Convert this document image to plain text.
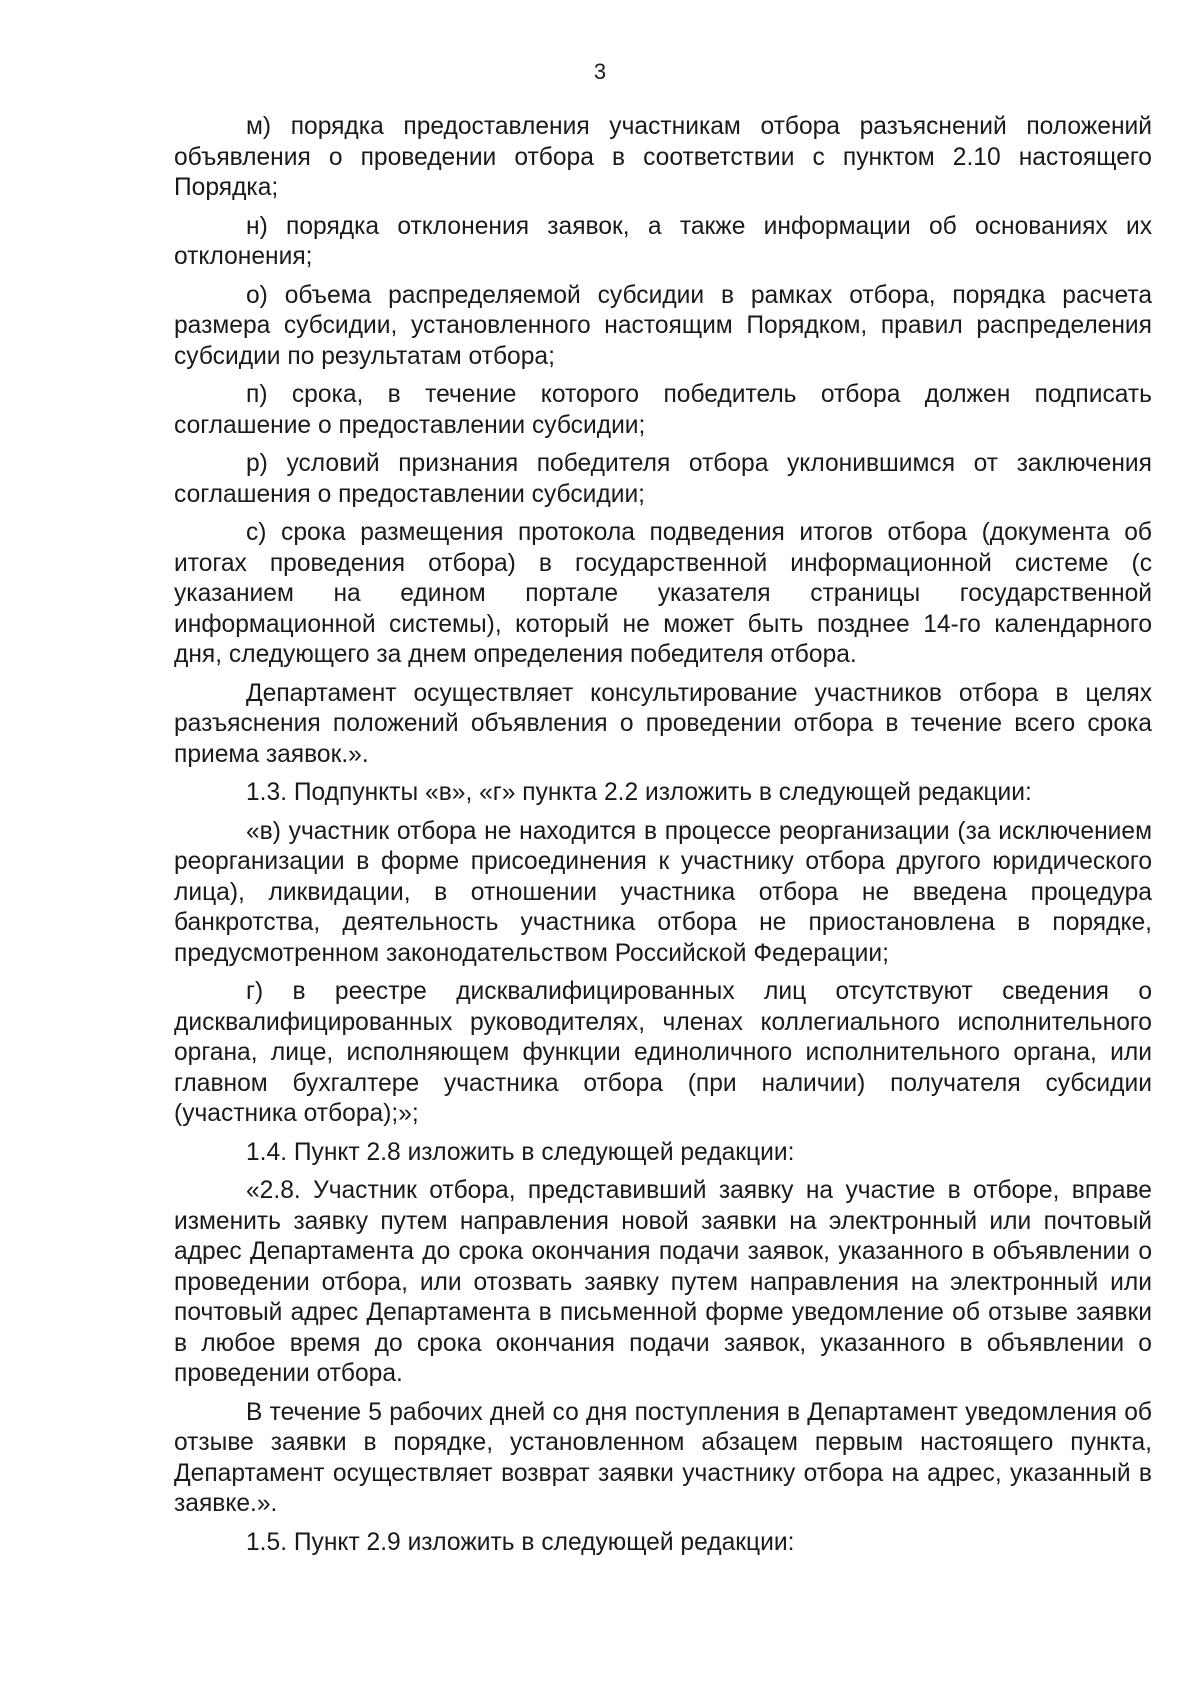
3

м) порядка предоставления участникам отбора разъяснений положений объявления о проведении отбора в соответствии с пунктом 2.10 настоящего Порядка;

н) порядка отклонения заявок, а также информации об основаниях их отклонения;

о) объема распределяемой субсидии в рамках отбора, порядка расчета размера субсидии, установленного настоящим Порядком, правил распределения субсидии по результатам отбора;

п) срока, в течение которого победитель отбора должен подписать соглашение о предоставлении субсидии;

р) условий признания победителя отбора уклонившимся от заключения соглашения о предоставлении субсидии;

с) срока размещения протокола подведения итогов отбора (документа об итогах проведения отбора) в государственной информационной системе (с указанием на едином портале указателя страницы государственной информационной системы), который не может быть позднее 14-го календарного дня, следующего за днем определения победителя отбора.

Департамент осуществляет консультирование участников отбора в целях разъяснения положений объявления о проведении отбора в течение всего срока приема заявок.».

1.3. Подпункты «в», «г» пункта 2.2 изложить в следующей редакции:

«в) участник отбора не находится в процессе реорганизации (за исключением реорганизации в форме присоединения к участнику отбора другого юридического лица), ликвидации, в отношении участника отбора не введена процедура банкротства, деятельность участника отбора не приостановлена в порядке, предусмотренном законодательством Российской Федерации;

г) в реестре дисквалифицированных лиц отсутствуют сведения о дисквалифицированных руководителях, членах коллегиального исполнительного органа, лице, исполняющем функции единоличного исполнительного органа, или главном бухгалтере участника отбора (при наличии) получателя субсидии (участника отбора);»;

1.4. Пункт 2.8 изложить в следующей редакции:

«2.8. Участник отбора, представивший заявку на участие в отборе, вправе изменить заявку путем направления новой заявки на электронный или почтовый адрес Департамента до срока окончания подачи заявок, указанного в объявлении о проведении отбора, или отозвать заявку путем направления на электронный или почтовый адрес Департамента в письменной форме уведомление об отзыве заявки в любое время до срока окончания подачи заявок, указанного в объявлении о проведении отбора.

В течение 5 рабочих дней со дня поступления в Департамент уведомления об отзыве заявки в порядке, установленном абзацем первым настоящего пункта, Департамент осуществляет возврат заявки участнику отбора на адрес, указанный в заявке.».

1.5. Пункт 2.9 изложить в следующей редакции:
